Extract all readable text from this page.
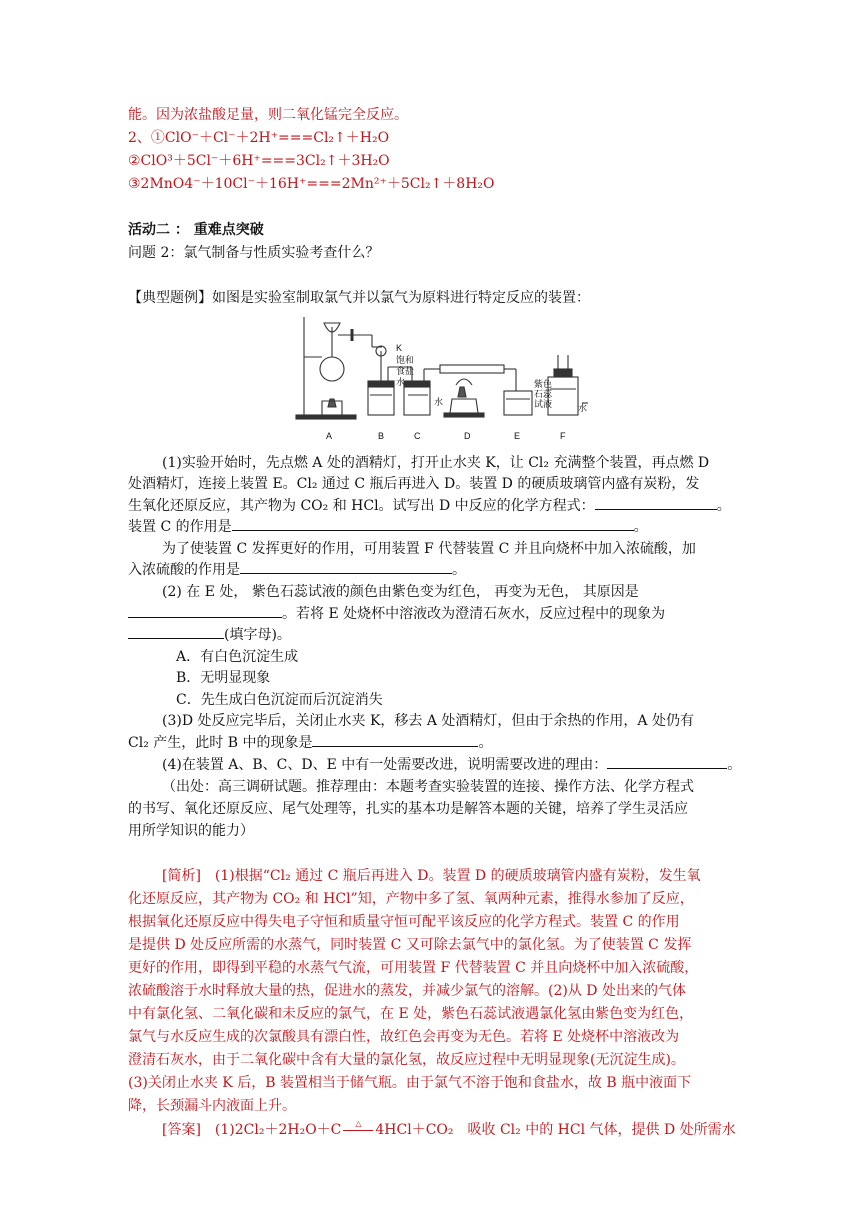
能。因为浓盐酸足量，则二氧化锰完全反应。
2、①ClO⁻＋Cl⁻＋2H⁺===Cl₂↑＋H₂O
②ClO³＋5Cl⁻＋6H⁺===3Cl₂↑＋3H₂O
③2MnO4⁻＋10Cl⁻＋16H⁺===2Mn²⁺＋5Cl₂↑＋8H₂O
活动二 ： 重难点突破
问题 2：氯气制备与性质实验考查什么？
【典型题例】如图是实验室制取氯气并以氯气为原料进行特定反应的装置：
K
饱和
食盐
水
水
紫色
石蕊
试液	水
A	B	C	D	E	F
(1)实验开始时，先点燃 A 处的酒精灯，打开止水夹 K，让 Cl₂ 充满整个装置，再点燃 D
处酒精灯，连接上装置 E。Cl₂ 通过 C 瓶后再进入 D。装置 D 的硬质玻璃管内盛有炭粉，发
生氧化还原反应，其产物为 CO₂ 和 HCl。试写出 D 中反应的化学方程式：	。
装置 C 的作用是	。
为了使装置 C 发挥更好的作用，可用装置 F 代替装置 C 并且向烧杯中加入浓硫酸，加
入浓硫酸的作用是	。
(2) 在 E 处， 紫色石蕊试液的颜色由紫色变为红色， 再变为无色， 其原因是
。若将 E 处烧杯中溶液改为澄清石灰水，反应过程中的现象为
(填字母)。
A．有白色沉淀生成
B．无明显现象
C．先生成白色沉淀而后沉淀消失
(3)D 处反应完毕后，关闭止水夹 K，移去 A 处酒精灯，但由于余热的作用，A 处仍有
Cl₂ 产生，此时 B 中的现象是	。
(4)在装置 A、B、C、D、E 中有一处需要改进，说明需要改进的理由：	。
（出处：高三调研试题。推荐理由：本题考查实验装置的连接、操作方法、化学方程式
的书写、氧化还原反应、尾气处理等，扎实的基本功是解答本题的关键，培养了学生灵活应
用所学知识的能力）
[简析]　(1)根据“Cl₂ 通过 C 瓶后再进入 D。装置 D 的硬质玻璃管内盛有炭粉，发生氧
化还原反应，其产物为 CO₂ 和 HCl”知，产物中多了氢、氧两种元素，推得水参加了反应，
根据氧化还原反应中得失电子守恒和质量守恒可配平该反应的化学方程式。装置 C 的作用
是提供 D 处反应所需的水蒸气，同时装置 C 又可除去氯气中的氯化氢。为了使装置 C 发挥
更好的作用，即得到平稳的水蒸气气流，可用装置 F 代替装置 C 并且向烧杯中加入浓硫酸，
浓硫酸溶于水时释放大量的热，促进水的蒸发，并减少氯气的溶解。(2)从 D 处出来的气体
中有氯化氢、二氧化碳和未反应的氯气，在 E 处，紫色石蕊试液遇氯化氢由紫色变为红色，
氯气与水反应生成的次氯酸具有漂白性，故红色会再变为无色。若将 E 处烧杯中溶液改为
澄清石灰水，由于二氧化碳中含有大量的氯化氢，故反应过程中无明显现象(无沉淀生成)。
(3)关闭止水夹 K 后，B 装置相当于储气瓶。由于氯气不溶于饱和食盐水，故 B 瓶中液面下
降，长颈漏斗内液面上升。
[答案]　(1)2Cl₂＋2H₂O＋C	△ 4HCl＋CO₂　吸收 Cl₂ 中的 HCl 气体，提供 D 处所需水
